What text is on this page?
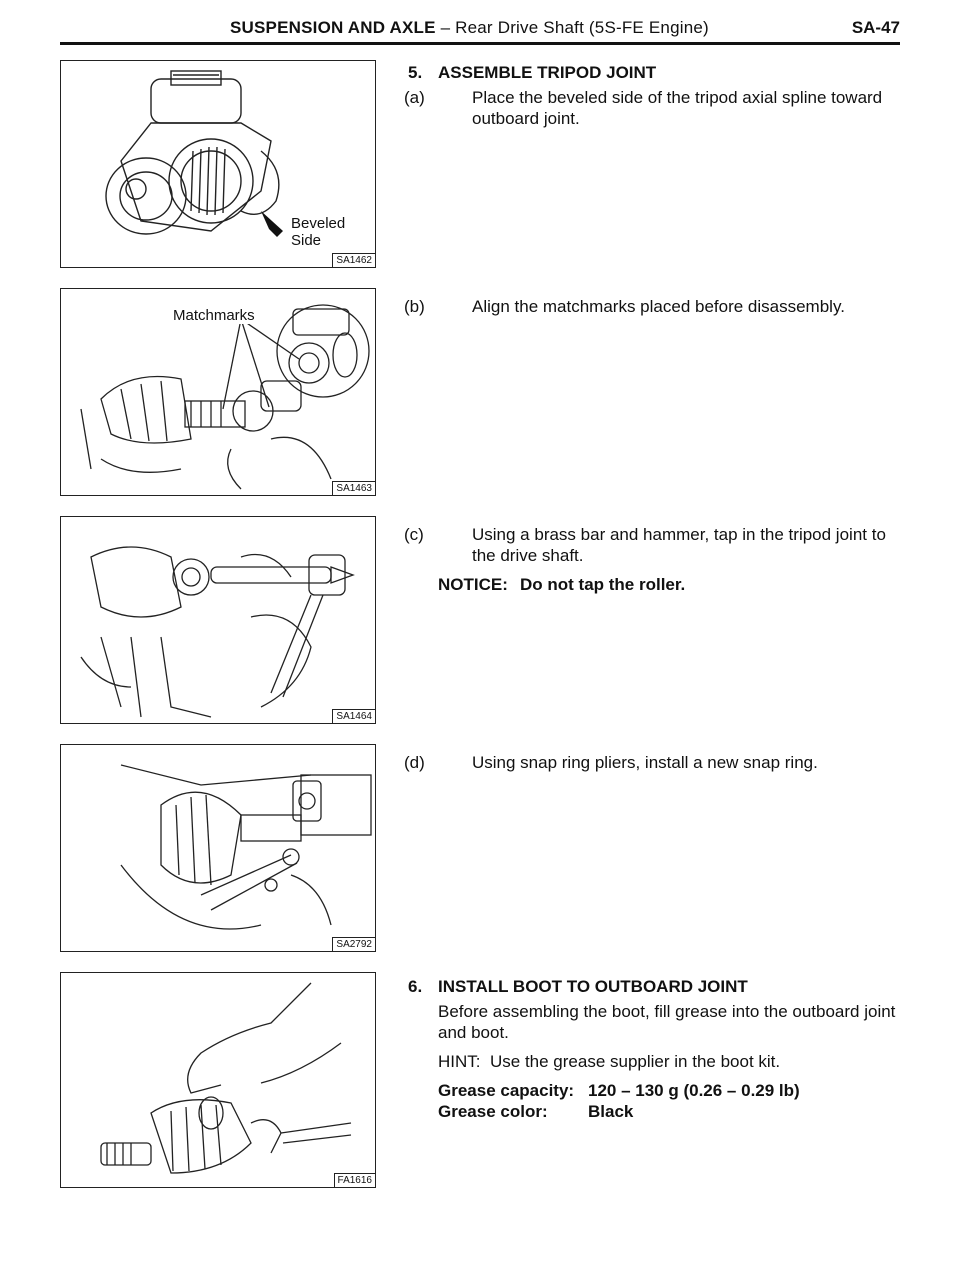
SUSPENSION AND AXLE – Rear Drive Shaft (5S-FE Engine)	SA-47
Beveled
Side
SA1462
Matchmarks
SA1463
SA1464
SA2792
FA1616
5. ASSEMBLE TRIPOD JOINT
(a)	Place the beveled side of the tripod axial spline toward outboard joint.
(b)	Align the matchmarks placed before disassembly.
(c)	Using a brass bar and hammer, tap in the tripod joint to the drive shaft.
NOTICE: Do not tap the roller.
(d)	Using snap ring pliers, install a new snap ring.
6. INSTALL BOOT TO OUTBOARD JOINT
Before assembling the boot, fill grease into the outboard joint and boot.
HINT: Use the grease supplier in the boot kit.
Grease capacity: 120 – 130 g (0.26 – 0.29 lb)
Grease color:	Black
